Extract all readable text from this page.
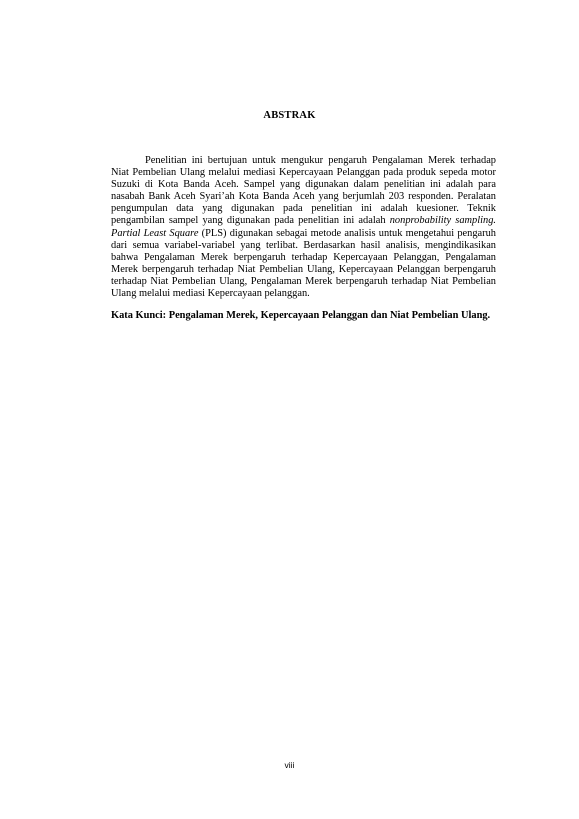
ABSTRAK

Penelitian ini bertujuan untuk mengukur pengaruh Pengalaman Merek terhadap Niat Pembelian Ulang melalui mediasi Kepercayaan Pelanggan pada produk sepeda motor Suzuki di Kota Banda Aceh. Sampel yang digunakan dalam penelitian ini adalah para nasabah Bank Aceh Syari’ah Kota Banda Aceh yang berjumlah 203 responden. Peralatan pengumpulan data yang digunakan pada penelitian ini adalah kuesioner. Teknik pengambilan sampel yang digunakan pada penelitian ini adalah nonprobability sampling. Partial Least Square (PLS) digunakan sebagai metode analisis untuk mengetahui pengaruh dari semua variabel-variabel yang terlibat. Berdasarkan hasil analisis, mengindikasikan bahwa Pengalaman Merek berpengaruh terhadap Kepercayaan Pelanggan, Pengalaman Merek berpengaruh terhadap Niat Pembelian Ulang, Kepercayaan Pelanggan berpengaruh terhadap Niat Pembelian Ulang, Pengalaman Merek berpengaruh terhadap Niat Pembelian Ulang melalui mediasi Kepercayaan pelanggan.

Kata Kunci: Pengalaman Merek, Kepercayaan Pelanggan dan Niat Pembelian Ulang.

viii
